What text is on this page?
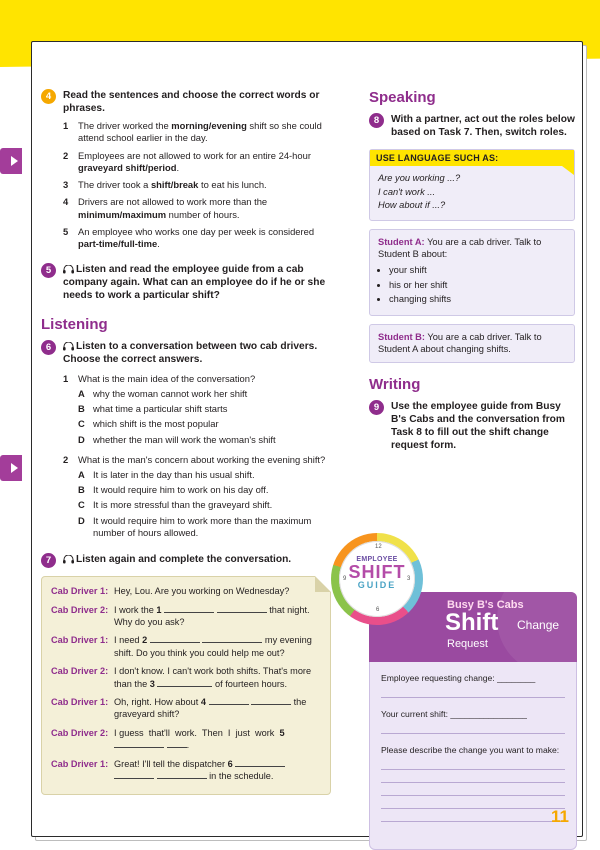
4	Read the sentences and choose the correct words or phrases.
1 The driver worked the morning/evening shift so she could attend school earlier in the day.
2 Employees are not allowed to work for an entire 24-hour graveyard shift/period.
3 The driver took a shift/break to eat his lunch.
4 Drivers are not allowed to work more than the minimum/maximum number of hours.
5 An employee who works one day per week is considered part-time/full-time.
5	Listen and read the employee guide from a cab company again. What can an employee do if he or she needs to work a particular shift?
Listening
6	Listen to a conversation between two cab drivers. Choose the correct answers.
1 What is the main idea of the conversation?
A why the woman cannot work her shift
B what time a particular shift starts
C which shift is the most popular
D whether the man will work the woman's shift
2 What is the man's concern about working the evening shift?
A It is later in the day than his usual shift.
B It would require him to work on his day off.
C It is more stressful than the graveyard shift.
D It would require him to work more than the maximum number of hours allowed.
7	Listen again and complete the conversation.
Cab Driver 1: Hey, Lou. Are you working on Wednesday?
Cab Driver 2: I work the 1	that night. Why do you ask?
Cab Driver 1: I need 2	my evening shift. Do you think you could help me out?
Cab Driver 2: I don't know. I can't work both shifts. That's more than the 3	of fourteen hours.
Cab Driver 1: Oh, right. How about 4	the graveyard shift?
Cab Driver 2: I guess  that'll  work.  Then  I  just  work  5  .
Cab Driver 1: Great! I'll tell the dispatcher 6    in the schedule.
Speaking
8	With a partner, act out the roles below based on Task 7. Then, switch roles.
USE LANGUAGE SUCH AS:
Are you working ...?
I can't work ...
How about if ...?
Student A: You are a cab driver. Talk to Student B about:
• your shift
• his or her shift
• changing shifts
Student B: You are a cab driver. Talk to Student A about changing shifts.
Writing
9	Use the employee guide from Busy B's Cabs and the conversation from Task 8 to fill out the shift change request form.
12
3
6
9
EMPLOYEE
SHIFT
GUIDE
Busy B's Cabs
Shift Change
Request
Employee requesting change: ________
Your current shift: ________________
Please describe the change you want to make:
11
